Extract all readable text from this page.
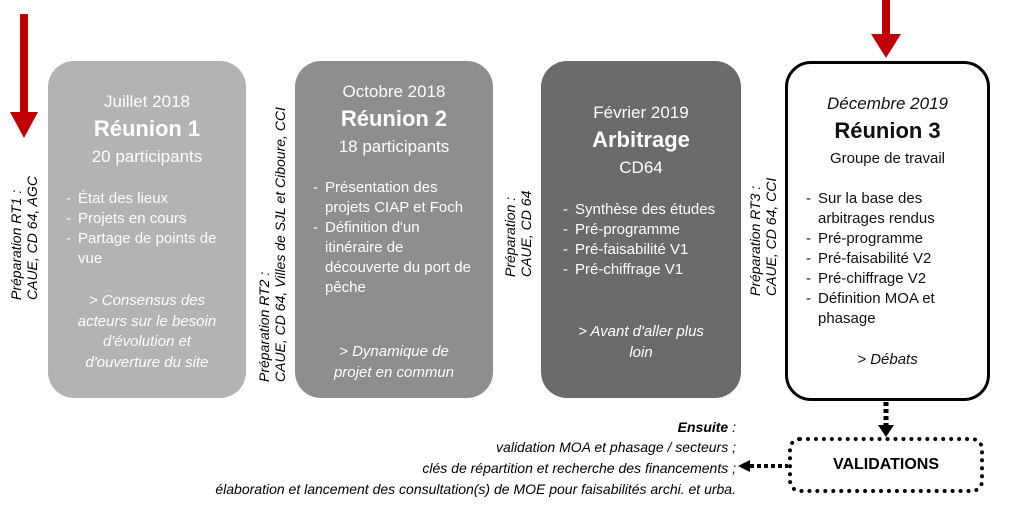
Préparation RT1 : CAUE, CD 64, AGC
Préparation RT2 : CAUE, CD 64, Villes de SJL et Ciboure, CCI	Préparation : CAUE, CD 64	Préparation RT3 : CAUE, CD 64, CCI
Juillet 2018
Réunion 1
20 participants
- État des lieux
- Projets en cours
- Partage de points de vue
> Consensus des
acteurs sur le besoin
d'évolution et
d'ouverture du site
Octobre 2018
Réunion 2
18 participants
- Présentation des projets CIAP et Foch
- Définition d'un itinéraire de découverte du port de pêche
> Dynamique de
projet en commun
Février 2019
Arbitrage
CD64
- Synthèse des études
- Pré-programme
- Pré-faisabilité V1
- Pré-chiffrage V1
> Avant d'aller plus
loin
Décembre 2019
Réunion 3
Groupe de travail
- Sur la base des arbitrages rendus
- Pré-programme
- Pré-faisabilité V2
- Pré-chiffrage V2
- Définition MOA et phasage
> Débats
Ensuite :
validation MOA et phasage / secteurs ;
clés de répartition et recherche des financements ;
élaboration et lancement des consultation(s) de MOE pour faisabilités archi. et urba.
VALIDATIONS
